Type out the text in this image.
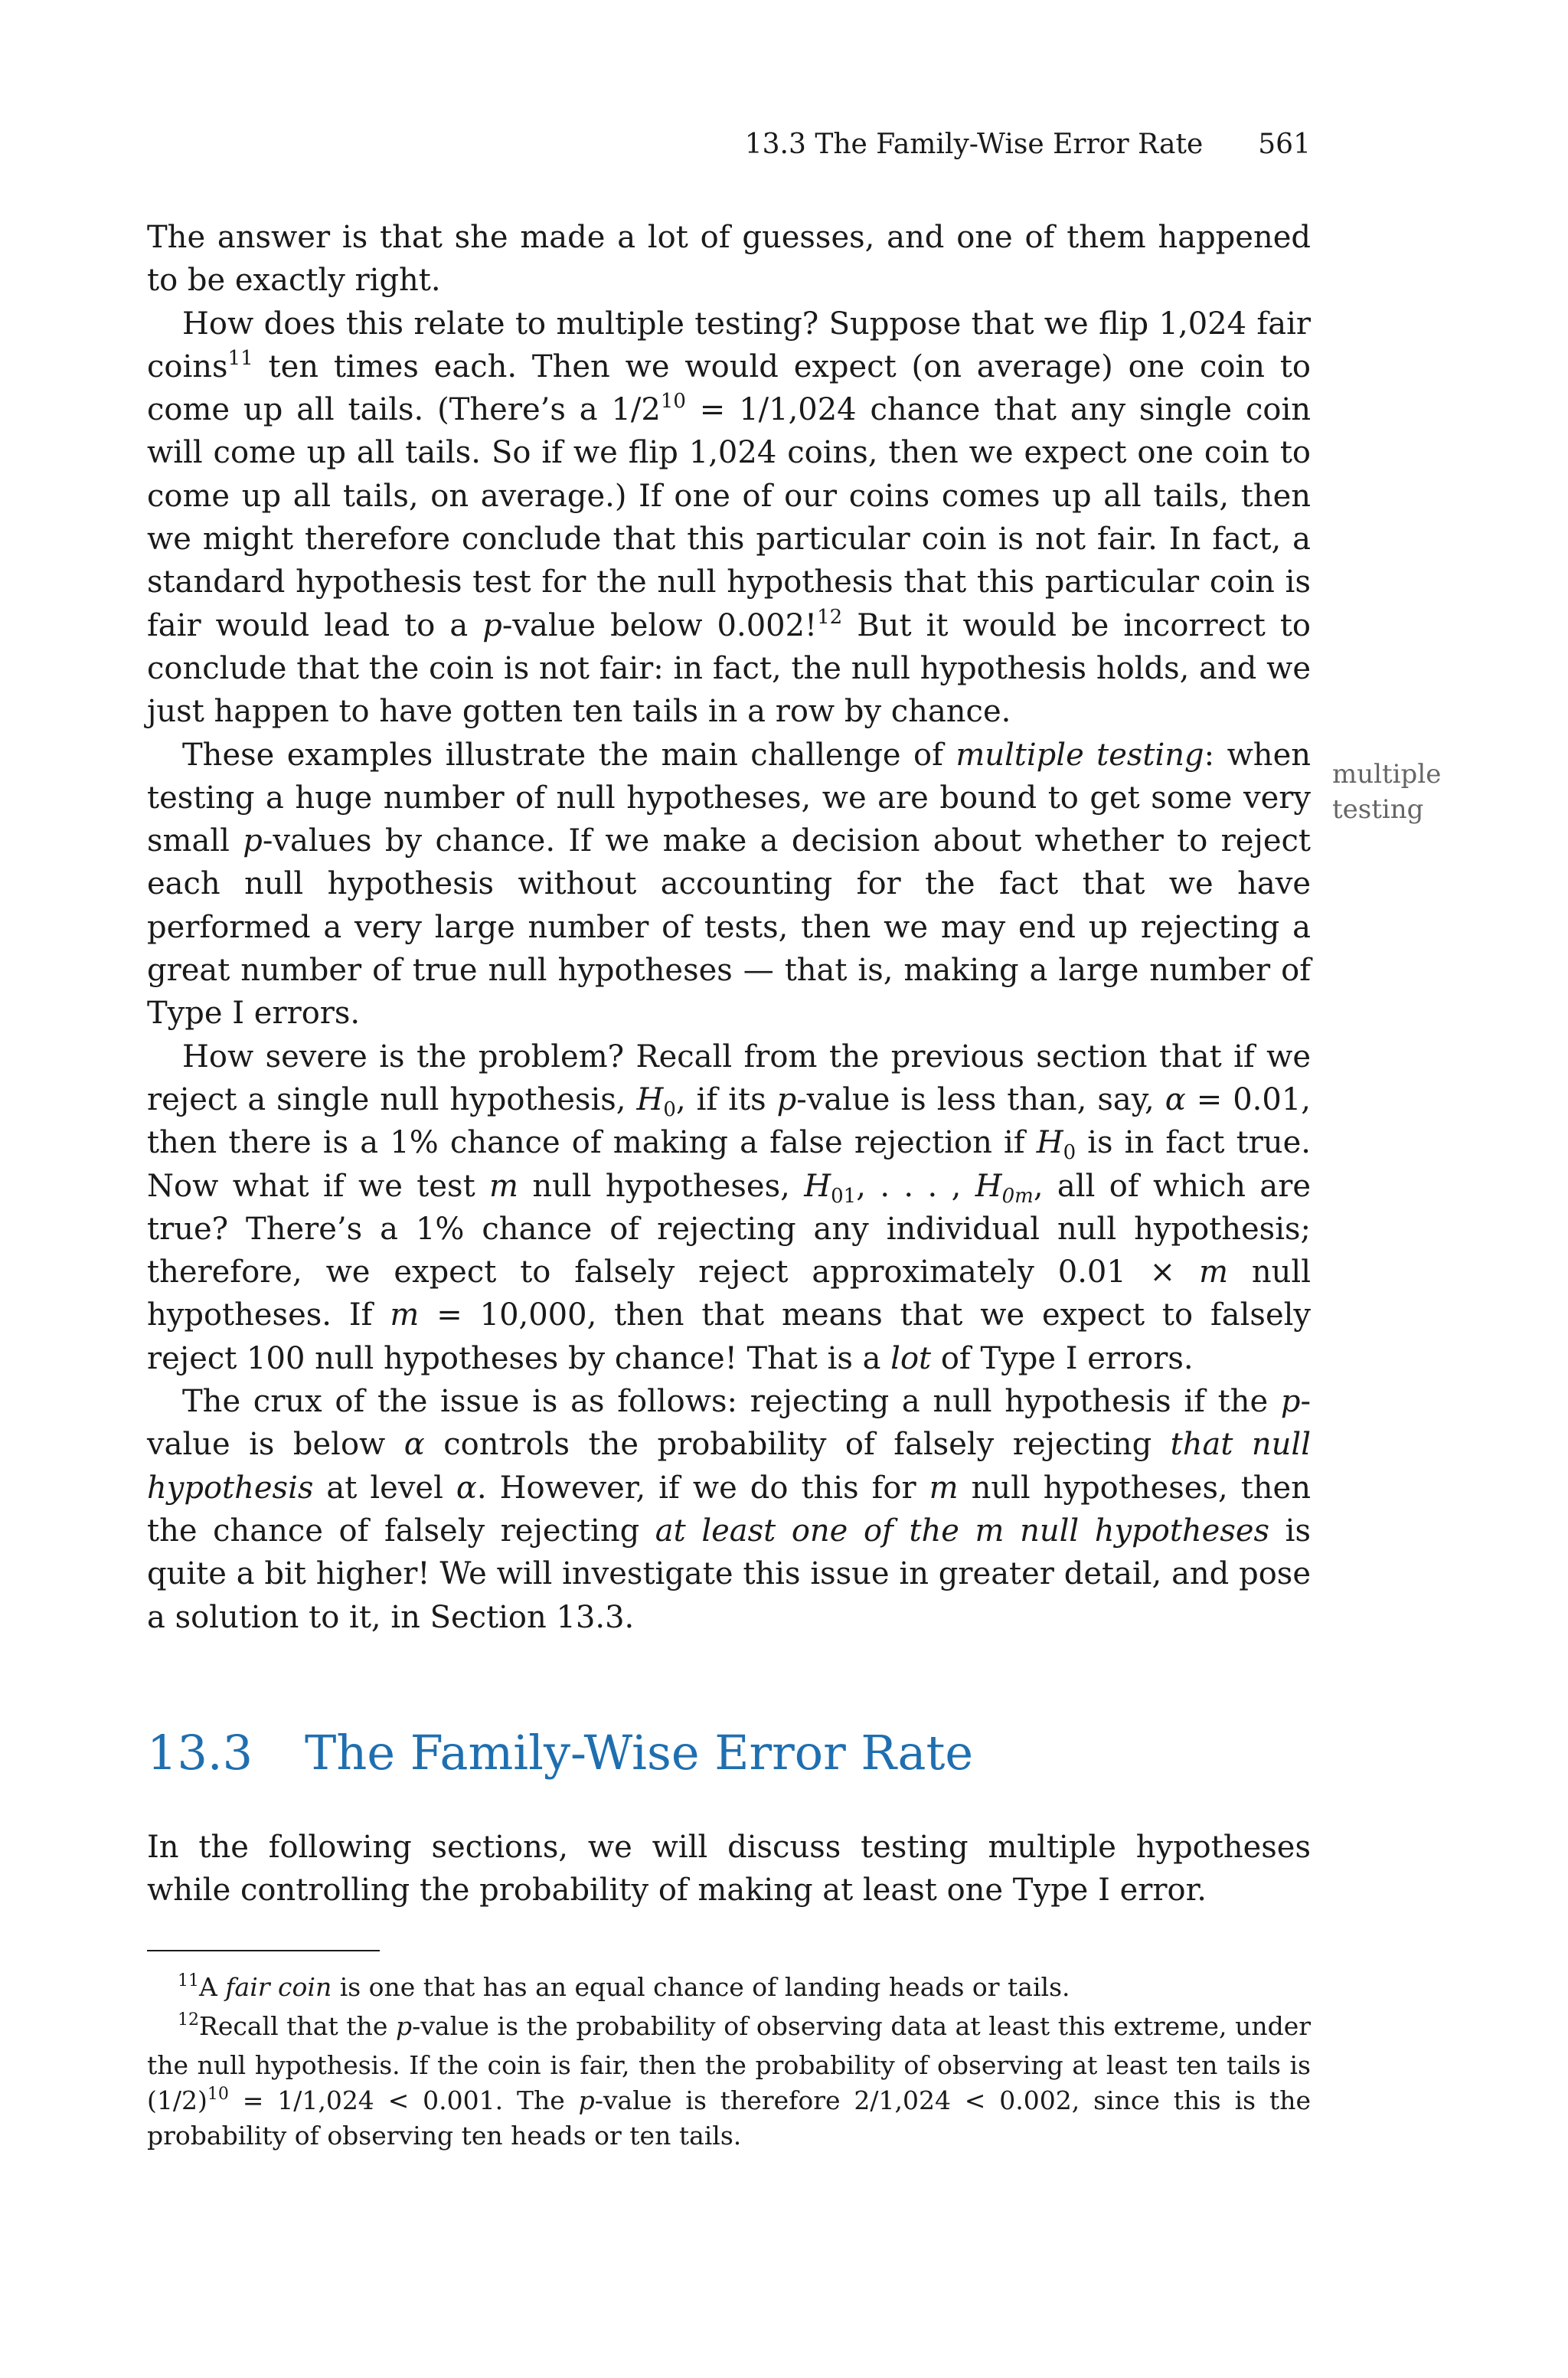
13.3 The Family-Wise Error Rate 561

The answer is that she made a lot of guesses, and one of them happened to be exactly right.

How does this relate to multiple testing? Suppose that we flip 1,024 fair coins$^{11}$ ten times each. Then we would expect (on average) one coin to come up all tails. (There’s a $1/2^{10} = 1/1,024$ chance that any single coin will come up all tails. So if we flip 1,024 coins, then we expect one coin to come up all tails, on average.) If one of our coins comes up all tails, then we might therefore conclude that this particular coin is not fair. In fact, a standard hypothesis test for the null hypothesis that this particular coin is fair would lead to a p-value below 0.002!$^{12}$ But it would be incorrect to conclude that the coin is not fair: in fact, the null hypothesis holds, and we just happen to have gotten ten tails in a row by chance.

These examples illustrate the main challenge of multiple testing: when testing a huge number of null hypotheses, we are bound to get some very small p-values by chance. If we make a decision about whether to reject each null hypothesis without accounting for the fact that we have performed a very large number of tests, then we may end up rejecting a great number of true null hypotheses — that is, making a large number of Type I errors.

How severe is the problem? Recall from the previous section that if we reject a single null hypothesis, $H_0$, if its p-value is less than, say, α = 0.01, then there is a 1% chance of making a false rejection if $H_0$ is in fact true. Now what if we test m null hypotheses, $H_{01}$, . . . , $H_{0m}$, all of which are true? There’s a 1% chance of rejecting any individual null hypothesis; therefore, we expect to falsely reject approximately 0.01 × m null hypotheses. If m = 10,000, then that means that we expect to falsely reject 100 null hypotheses by chance! That is a lot of Type I errors.

The crux of the issue is as follows: rejecting a null hypothesis if the p-value is below α controls the probability of falsely rejecting that null hypothesis at level α. However, if we do this for m null hypotheses, then the chance of falsely rejecting at least one of the m null hypotheses is quite a bit higher! We will investigate this issue in greater detail, and pose a solution to it, in Section 13.3.

multiple
testing
13.3 The Family-Wise Error Rate

In the following sections, we will discuss testing multiple hypotheses while controlling the probability of making at least one Type I error.

$^{11}$A fair coin is one that has an equal chance of landing heads or tails.

$^{12}$Recall that the p-value is the probability of observing data at least this extreme, under the null hypothesis. If the coin is fair, then the probability of observing at least ten tails is $(1/2)^{10} = 1/1,024 < 0.001$. The p-value is therefore 2/1,024 < 0.002, since this is the probability of observing ten heads or ten tails.
